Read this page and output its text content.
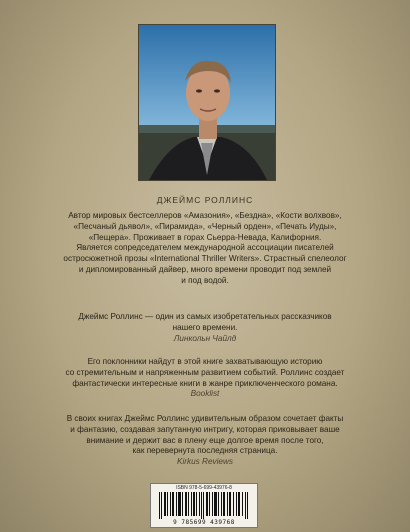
ДЖЕЙМС РОЛЛИНС
Автор мировых бестселлеров «Амазония», «Бездна», «Кости волхвов»,
«Песчаный дьявол», «Пирамида», «Черный орден», «Печать Иуды»,
«Пещера». Проживает в горах Сьерра-Невада, Калифорния.
Является сопредседателем международной ассоциации писателей
остросюжетной прозы «International Thriller Writers». Страстный спелеолог
и дипломированный дайвер, много времени проводит под землей
и под водой.
Джеймс Роллинс — один из самых изобретательных рассказчиков
нашего времени.
Линкольн Чайлд
Его поклонники найдут в этой книге захватывающую историю
со стремительным и напряженным развитием событий. Роллинс создает
фантастически интересные книги в жанре приключенческого романа.
Booklist
В своих книгах Джеймс Роллинс удивительным образом сочетает факты
и фантазию, создавая запутанную интригу, которая приковывает ваше
внимание и держит вас в плену еще долгое время после того,
как перевернута последняя страница.
Kirkus Reviews
ISBN 978-5-699-43976-8
9 785699 439768
